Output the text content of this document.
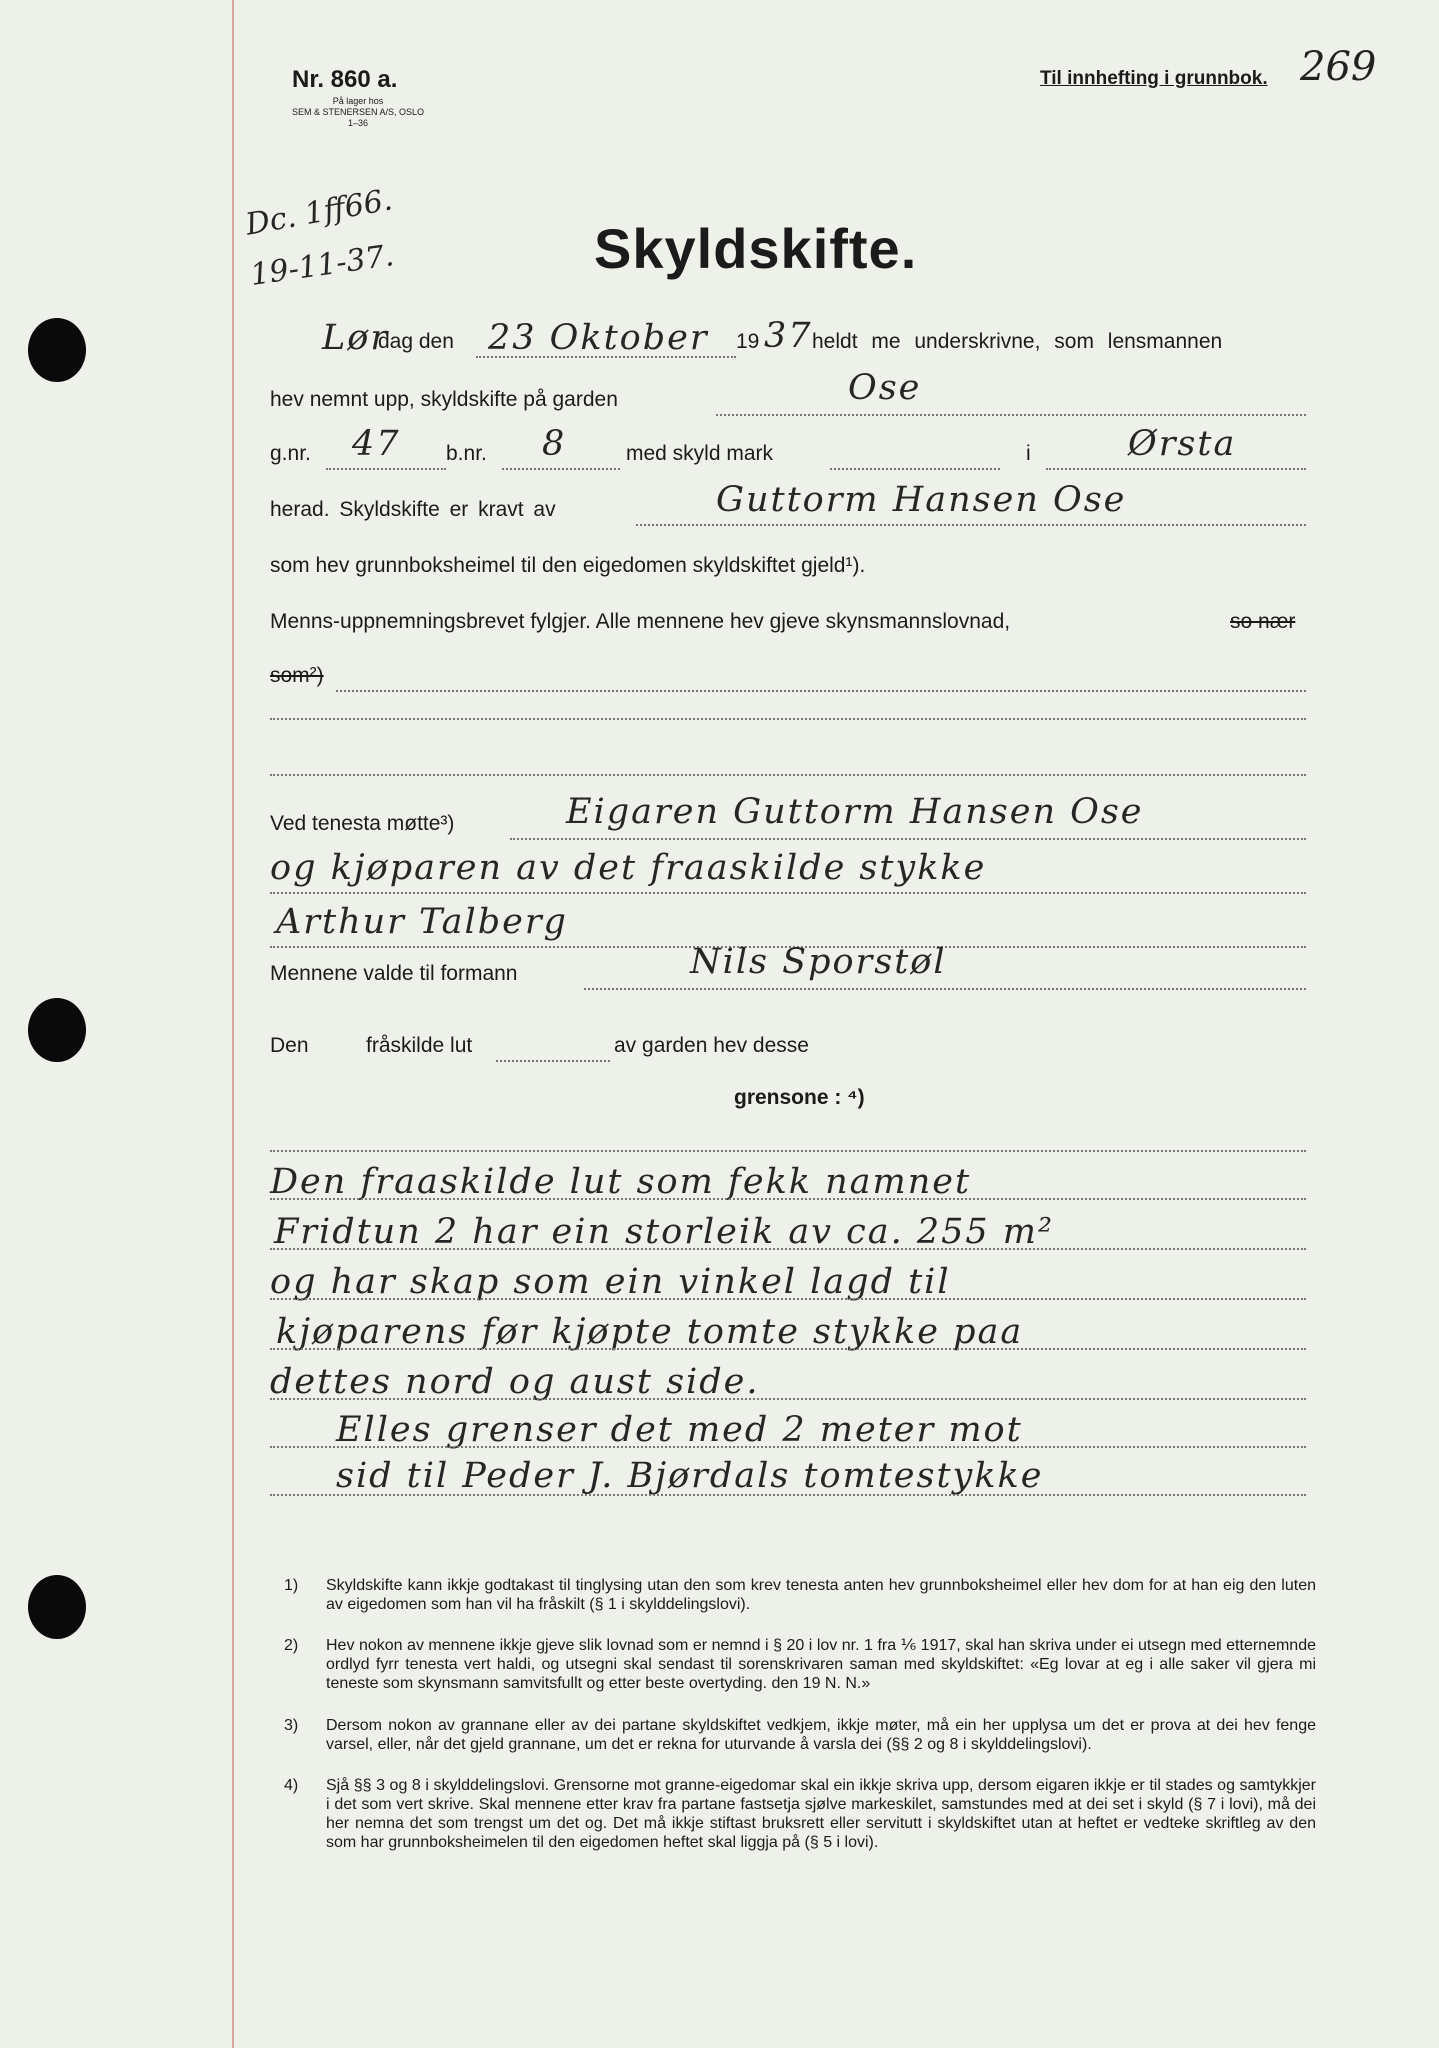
Nr. 860 a.
På lager hos
SEM & STENERSEN A/S, OSLO
1–36
Til innhefting i grunnbok. 269
Dc. 1ff66.
19-11-37.	Skyldskifte.
Lør
dag den 23 Oktober 19 37 heldt me underskrivne, som lensmannen
hev nemnt upp, skyldskifte på garden	Ose
g.nr. 47 b.nr. 8	med skyld mark	i	Ørsta
herad. Skyldskifte er kravt av	Guttorm Hansen Ose
som hev grunnboksheimel til den eigedomen skyldskiftet gjeld¹).
Menns-uppnemningsbrevet fylgjer. Alle mennene hev gjeve skynsmannslovnad,	so nær
som²)
Ved tenesta møtte³)	Eigaren Guttorm Hansen Ose
og kjøparen av det fraaskilde stykke
Arthur Talberg
Mennene valde til formann	Nils Sporstøl
Den	fråskilde lut	av garden hev desse
grensone : ⁴)
Den fraaskilde lut som fekk namnet
Fridtun 2 har ein storleik av ca. 255 m²
og har skap som ein vinkel lagd til
kjøparens før kjøpte tomte stykke paa
dettes nord og aust side.
Elles grenser det med 2 meter mot
sid til Peder J. Bjørdals tomtestykke
1) Skyldskifte kann ikkje godtakast til tinglysing utan den som krev tenesta anten hev grunnboksheimel eller hev dom for at han eig den luten av eigedomen som han vil ha fråskilt (§ 1 i skylddelingslovi).
2) Hev nokon av mennene ikkje gjeve slik lovnad som er nemnd i § 20 i lov nr. 1 fra ⅙ 1917, skal han skriva under ei utsegn med etternemnde ordlyd fyrr tenesta vert haldi, og utsegni skal sendast til sorenskrivaren saman med skyldskiftet: «Eg lovar at eg i alle saker vil gjera mi teneste som skynsmann samvitsfullt og etter beste overtyding. den 19 N. N.»
3) Dersom nokon av grannane eller av dei partane skyldskiftet vedkjem, ikkje møter, må ein her upplysa um det er prova at dei hev fenge varsel, eller, når det gjeld grannane, um det er rekna for uturvande å varsla dei (§§ 2 og 8 i skylddelingslovi).
4) Sjå §§ 3 og 8 i skylddelingslovi. Grensorne mot granne-eigedomar skal ein ikkje skriva upp, dersom eigaren ikkje er til stades og samtykkjer i det som vert skrive. Skal mennene etter krav fra partane fastsetja sjølve markeskilet, samstundes med at dei set i skyld (§ 7 i lovi), må dei her nemna det som trengst um det og. Det må ikkje stiftast bruksrett eller servitutt i skyldskiftet utan at heftet er vedteke skriftleg av den som har grunnboksheimelen til den eigedomen heftet skal liggja på (§ 5 i lovi).
